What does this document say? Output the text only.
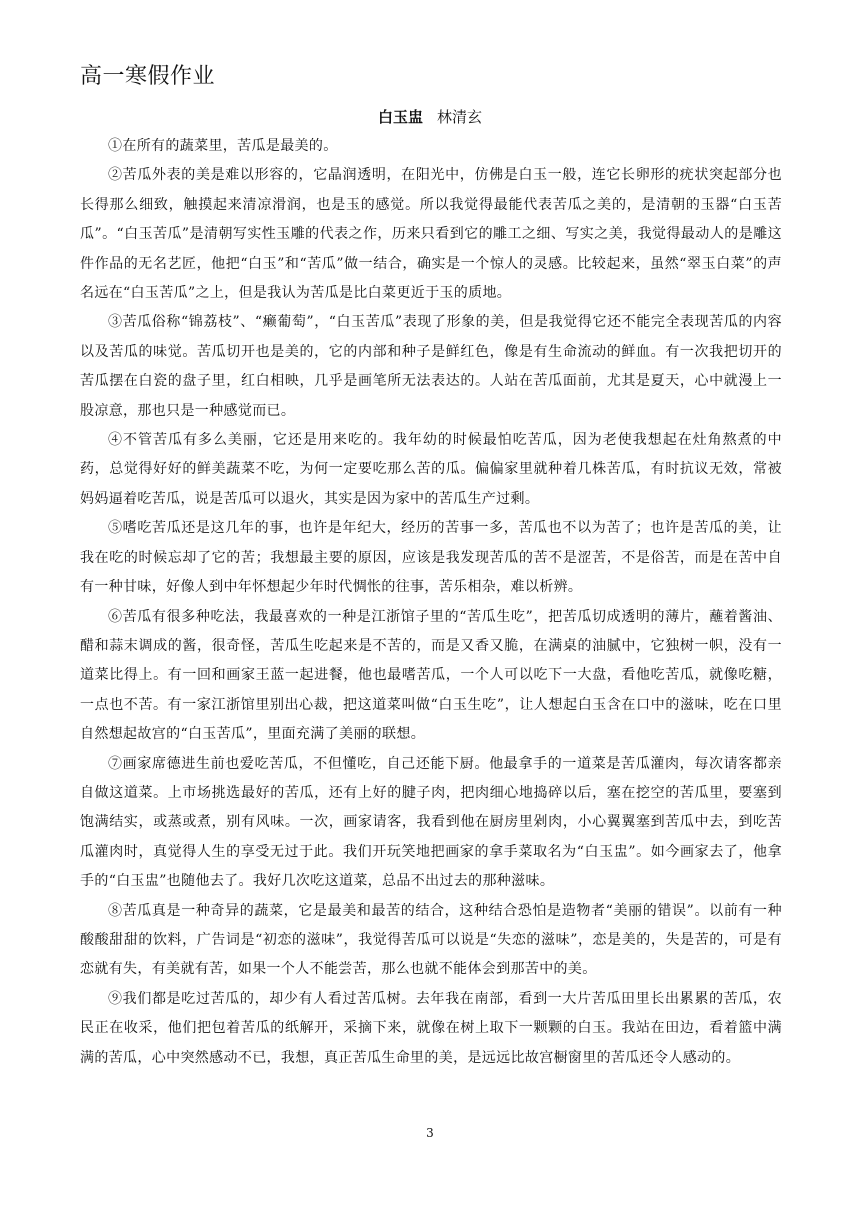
高一寒假作业
白玉盅 林清玄

①在所有的蔬菜里，苦瓜是最美的。

②苦瓜外表的美是难以形容的，它晶润透明，在阳光中，仿佛是白玉一般，连它长卵形的疣状突起部分也长得那么细致，触摸起来清凉滑润，也是玉的感觉。所以我觉得最能代表苦瓜之美的，是清朝的玉器“白玉苦瓜”。“白玉苦瓜”是清朝写实性玉雕的代表之作，历来只看到它的雕工之细、写实之美，我觉得最动人的是雕这件作品的无名艺匠，他把“白玉”和“苦瓜”做一结合，确实是一个惊人的灵感。比较起来，虽然“翠玉白菜”的声名远在“白玉苦瓜”之上，但是我认为苦瓜是比白菜更近于玉的质地。

③苦瓜俗称“锦荔枝”、“癞葡萄”，“白玉苦瓜”表现了形象的美，但是我觉得它还不能完全表现苦瓜的内容以及苦瓜的味觉。苦瓜切开也是美的，它的内部和种子是鲜红色，像是有生命流动的鲜血。有一次我把切开的苦瓜摆在白瓷的盘子里，红白相映，几乎是画笔所无法表达的。人站在苦瓜面前，尤其是夏天，心中就漫上一股凉意，那也只是一种感觉而已。

④不管苦瓜有多么美丽，它还是用来吃的。我年幼的时候最怕吃苦瓜，因为老使我想起在灶角熬煮的中药，总觉得好好的鲜美蔬菜不吃，为何一定要吃那么苦的瓜。偏偏家里就种着几株苦瓜，有时抗议无效，常被妈妈逼着吃苦瓜，说是苦瓜可以退火，其实是因为家中的苦瓜生产过剩。

⑤嗜吃苦瓜还是这几年的事，也许是年纪大，经历的苦事一多，苦瓜也不以为苦了；也许是苦瓜的美，让我在吃的时候忘却了它的苦；我想最主要的原因，应该是我发现苦瓜的苦不是涩苦，不是俗苦，而是在苦中自有一种甘味，好像人到中年怀想起少年时代惆怅的往事，苦乐相杂，难以析辨。

⑥苦瓜有很多种吃法，我最喜欢的一种是江浙馆子里的“苦瓜生吃”，把苦瓜切成透明的薄片，蘸着酱油、醋和蒜末调成的酱，很奇怪，苦瓜生吃起来是不苦的，而是又香又脆，在满桌的油腻中，它独树一帜，没有一道菜比得上。有一回和画家王蓝一起进餐，他也最嗜苦瓜，一个人可以吃下一大盘，看他吃苦瓜，就像吃糖，一点也不苦。有一家江浙馆里别出心裁，把这道菜叫做“白玉生吃”，让人想起白玉含在口中的滋味，吃在口里自然想起故宫的“白玉苦瓜”，里面充满了美丽的联想。

⑦画家席德进生前也爱吃苦瓜，不但懂吃，自己还能下厨。他最拿手的一道菜是苦瓜灌肉，每次请客都亲自做这道菜。上市场挑选最好的苦瓜，还有上好的腱子肉，把肉细心地捣碎以后，塞在挖空的苦瓜里，要塞到饱满结实，或蒸或煮，别有风味。一次，画家请客，我看到他在厨房里剁肉，小心翼翼塞到苦瓜中去，到吃苦瓜灌肉时，真觉得人生的享受无过于此。我们开玩笑地把画家的拿手菜取名为“白玉盅”。如今画家去了，他拿手的“白玉盅”也随他去了。我好几次吃这道菜，总品不出过去的那种滋味。

⑧苦瓜真是一种奇异的蔬菜，它是最美和最苦的结合，这种结合恐怕是造物者“美丽的错误”。以前有一种酸酸甜甜的饮料，广告词是“初恋的滋味”，我觉得苦瓜可以说是“失恋的滋味”，恋是美的，失是苦的，可是有恋就有失，有美就有苦，如果一个人不能尝苦，那么也就不能体会到那苦中的美。

⑨我们都是吃过苦瓜的，却少有人看过苦瓜树。去年我在南部，看到一大片苦瓜田里长出累累的苦瓜，农民正在收采，他们把包着苦瓜的纸解开，采摘下来，就像在树上取下一颗颗的白玉。我站在田边，看着篮中满满的苦瓜，心中突然感动不已，我想，真正苦瓜生命里的美，是远远比故宫橱窗里的苦瓜还令人感动的。

3
